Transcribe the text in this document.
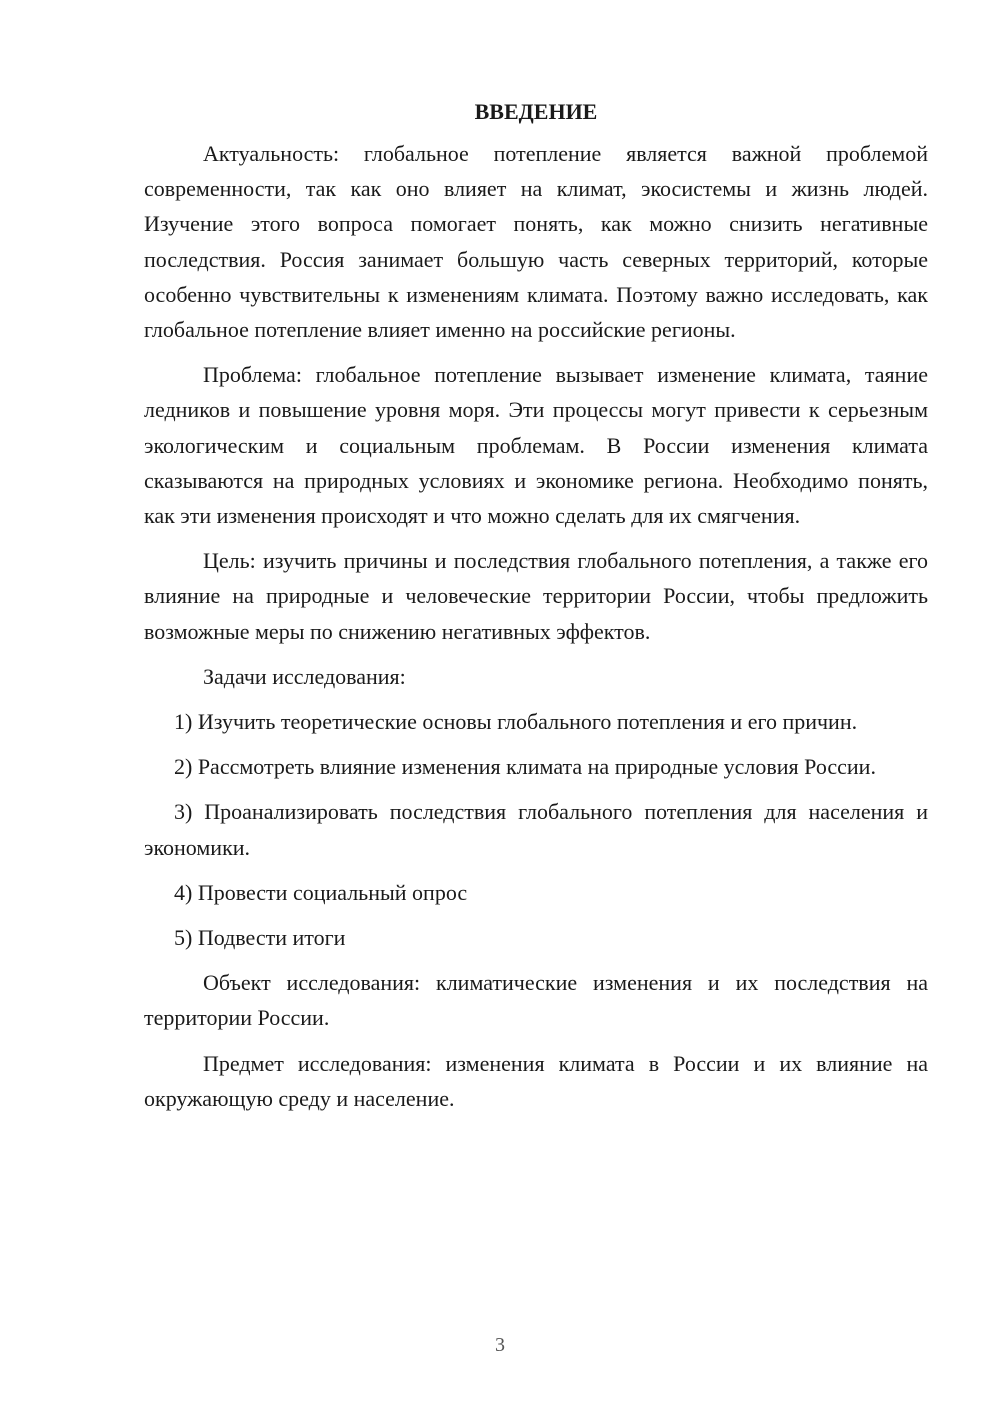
ВВЕДЕНИЕ

Актуальность: глобальное потепление является важной проблемой современности, так как оно влияет на климат, экосистемы и жизнь людей. Изучение этого вопроса помогает понять, как можно снизить негативные последствия. Россия занимает большую часть северных территорий, которые особенно чувствительны к изменениям климата. Поэтому важно исследовать, как глобальное потепление влияет именно на российские регионы.

Проблема: глобальное потепление вызывает изменение климата, таяние ледников и повышение уровня моря. Эти процессы могут привести к серьезным экологическим и социальным проблемам. В России изменения климата сказываются на природных условиях и экономике региона. Необходимо понять, как эти изменения происходят и что можно сделать для их смягчения.

Цель: изучить причины и последствия глобального потепления, а также его влияние на природные и человеческие территории России, чтобы предложить возможные меры по снижению негативных эффектов.

Задачи исследования:

1) Изучить теоретические основы глобального потепления и его причин.

2) Рассмотреть влияние изменения климата на природные условия России.

3) Проанализировать последствия глобального потепления для населения и экономики.

4) Провести социальный опрос

5) Подвести итоги

Объект исследования: климатические изменения и их последствия на территории России.

Предмет исследования: изменения климата в России и их влияние на окружающую среду и население.

3
